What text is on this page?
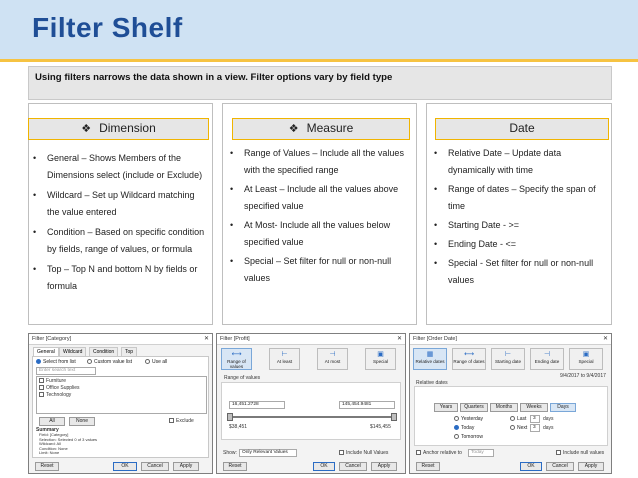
Filter Shelf
Using filters narrows the data shown in a view. Filter options vary by field type
❖ Dimension	❖ Measure	Date
•	General – Shows Members of the Dimensions select (include or Exclude)
•	Wildcard – Set up Wildcard matching the value entered
•	Condition – Based on specific condition by fields, range of values, or formula
•	Top – Top N and bottom N by fields or formula
•	Range of Values – Include all the values with the specified range
•	At Least – Include all the values above specified value
•	At Most- Include all the values below specified value
•	Special – Set filter for null or non-null values
•	Relative Date – Update data dynamically with time
•	Range of dates – Specify the span of time
•	Starting Date - >=
•	Ending Date - <=
•	Special - Set filter for null or non-null values
Filter [Category]	✕
General	Wildcard	Condition	Top
Select from list	Custom value list	Use all
Enter search text
Furniture
Office Supplies
Technology
All	None	Exclude
Summary
Field: [Category]
Selection: Selected 0 of 3 values
Wildcard: All
Condition: None
Limit: None
Reset	OK	Cancel	Apply
Filter [Profit]	✕
⟷
Range of values
⊢
At least
⊣
At most
▣
Special
Range of values
16,451.2728	145,454.9481
$38,451	$145,455
Show:	Only Relevant Values	Include Null Values
Reset	OK	Cancel	Apply
Filter [Order Date]	✕
▦
Relative dates
⟷
Range of dates
⊢
Starting date
⊣
Ending date
▣
Special
9/4/2017 to 9/4/2017
Relative dates
Years	Quarters	Months	Weeks	Days
Yesterday
Today
Tomorrow
Last	3	days
Next	3	days
Anchor relative to	Today	Include null values
Reset	OK	Cancel	Apply
